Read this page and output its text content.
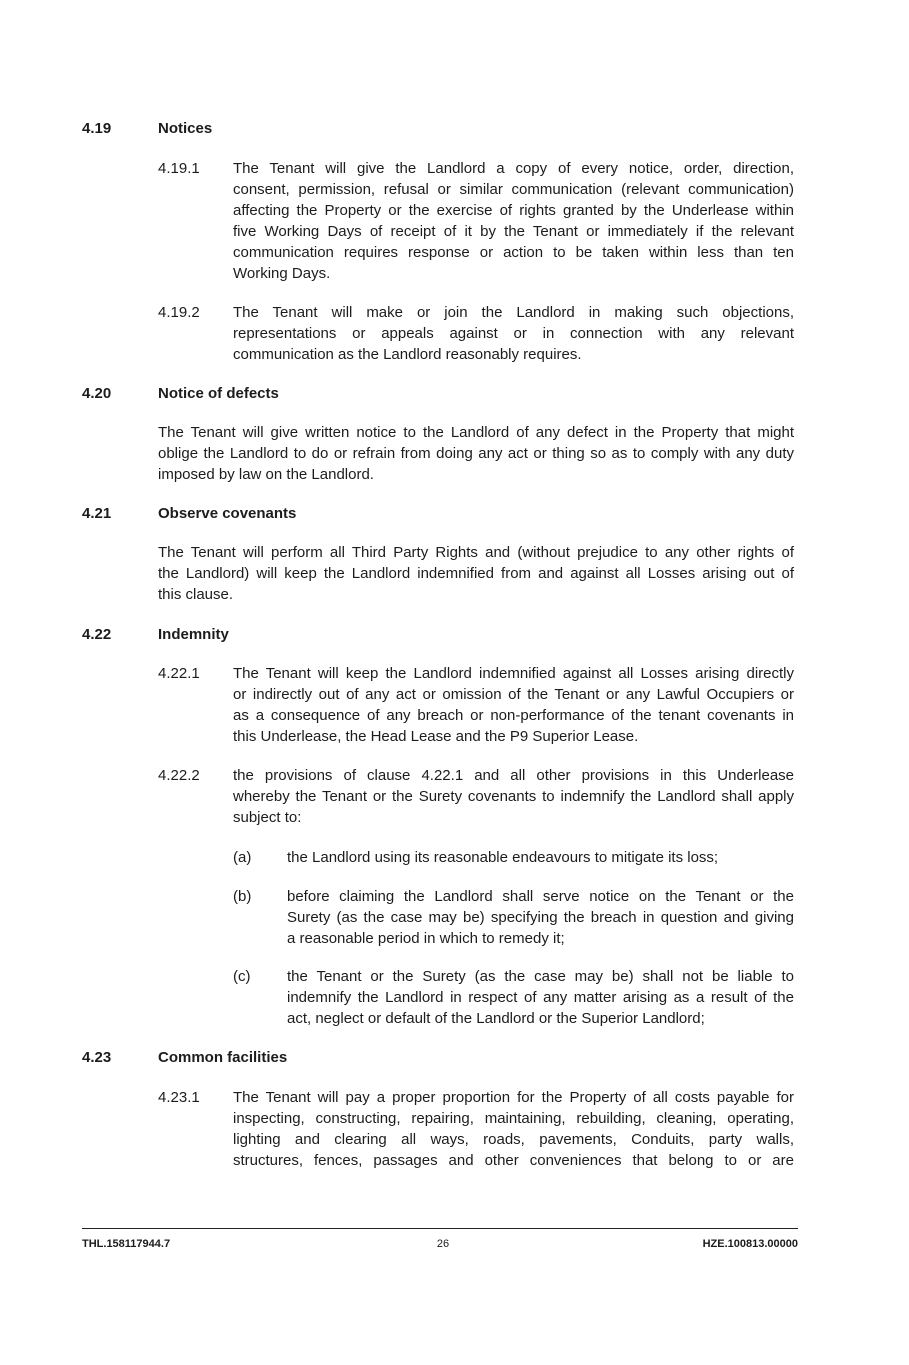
4.19	Notices
4.19.1	The Tenant will give the Landlord a copy of every notice, order, direction,
consent, permission, refusal or similar communication (relevant communication)
affecting the Property or the exercise of rights granted by the Underlease within
five Working Days of receipt of it by the Tenant or immediately if the relevant
communication requires response or action to be taken within less than ten
Working Days.
4.19.2	The Tenant will make or join the Landlord in making such objections,
representations or appeals against or in connection with any relevant
communication as the Landlord reasonably requires.
4.20	Notice of defects
The Tenant will give written notice to the Landlord of any defect in the Property that might
oblige the Landlord to do or refrain from doing any act or thing so as to comply with any duty
imposed by law on the Landlord.
4.21	Observe covenants
The Tenant will perform all Third Party Rights and (without prejudice to any other rights of
the Landlord) will keep the Landlord indemnified from and against all Losses arising out of
this clause.
4.22	Indemnity
4.22.1	The Tenant will keep the Landlord indemnified against all Losses arising directly
or indirectly out of any act or omission of the Tenant or any Lawful Occupiers or
as a consequence of any breach or non-performance of the tenant covenants in
this Underlease, the Head Lease and the P9 Superior Lease.
4.22.2	the provisions of clause 4.22.1 and all other provisions in this Underlease
whereby the Tenant or the Surety covenants to indemnify the Landlord shall apply
subject to:
(a)	the Landlord using its reasonable endeavours to mitigate its loss;
(b)	before claiming the Landlord shall serve notice on the Tenant or the
Surety (as the case may be) specifying the breach in question and giving
a reasonable period in which to remedy it;
(c)	the Tenant or the Surety (as the case may be) shall not be liable to
indemnify the Landlord in respect of any matter arising as a result of the
act, neglect or default of the Landlord or the Superior Landlord;
4.23	Common facilities
4.23.1	The Tenant will pay a proper proportion for the Property of all costs payable for
inspecting, constructing, repairing, maintaining, rebuilding, cleaning, operating,
lighting and clearing all ways, roads, pavements, Conduits, party walls,
structures, fences, passages and other conveniences that belong to or are
THL.158117944.7	26	HZE.100813.00000
